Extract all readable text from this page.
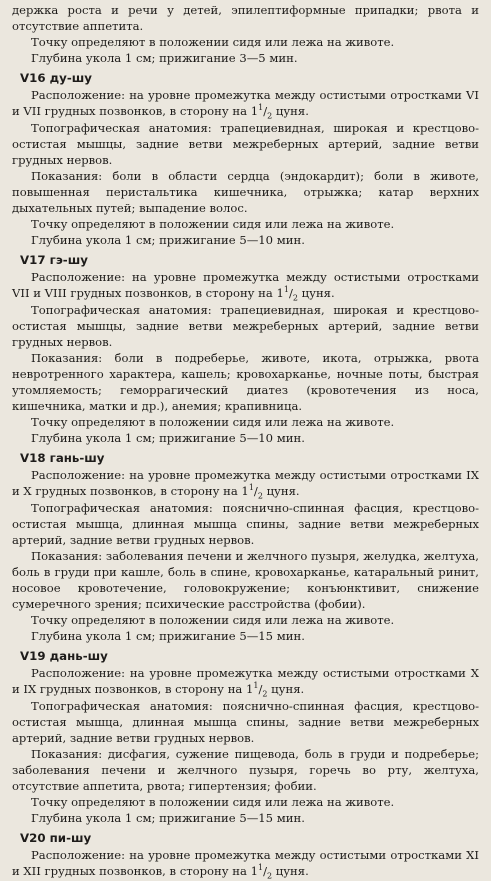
держка роста и речи у детей, эпилептиформные припадки; рвота и отсутствие аппетита.

Точку определяют в положении сидя или лежа на животе.

Глубина укола 1 см; прижигание 3—5 мин.

V16 ду-шу

Расположение: на уровне промежутка между остистыми отростками VI и VII грудных позвонков, в сторону на $1^1/_2$ цуня.

Топографическая анатомия: трапециевидная, широкая и крестцово-остистая мышцы, задние ветви межреберных артерий, задние ветви грудных нервов.

Показания: боли в области сердца (эндокардит); боли в животе, повышенная перистальтика кишечника, отрыжка; катар верхних дыхательных путей; выпадение волос.

Точку определяют в положении сидя или лежа на животе.

Глубина укола 1 см; прижигание 5—10 мин.

V17 гэ-шу

Расположение: на уровне промежутка между остистыми отростками VII и VIII грудных позвонков, в сторону на $1^1/_2$ цуня.

Топографическая анатомия: трапециевидная, широкая и крестцово-остистая мышцы, задние ветви межреберных артерий, задние ветви грудных нервов.

Показания: боли в подреберье, животе, икота, отрыжка, рвота невротренного характера, кашель; кровохарканье, ночные поты, быстрая утомляемость; геморрагический диатез (кровотечения из носа, кишечника, матки и др.), анемия; крапивница.

Точку определяют в положении сидя или лежа на животе.

Глубина укола 1 см; прижигание 5—10 мин.

V18 гань-шу

Расположение: на уровне промежутка между остистыми отростками IX и X грудных позвонков, в сторону на $1^1/_2$ цуня.

Топографическая анатомия: пояснично-спинная фасция, крестцово-остистая мышца, длинная мышца спины, задние ветви межреберных артерий, задние ветви грудных нервов.

Показания: заболевания печени и желчного пузыря, желудка, желтуха, боль в груди при кашле, боль в спине, кровохарканье, катаральный ринит, носовое кровотечение, головокружение; конъюнктивит, снижение сумеречного зрения; психические расстройства (фобии).

Точку определяют в положении сидя или лежа на животе.

Глубина укола 1 см; прижигание 5—15 мин.

V19 дань-шу

Расположение: на уровне промежутка между остистыми отростками X и IX грудных позвонков, в сторону на $1^1/_2$ цуня.

Топографическая анатомия: пояснично-спинная фасция, крестцово-остистая мышца, длинная мышца спины, задние ветви межреберных артерий, задние ветви грудных нервов.

Показания: дисфагия, сужение пищевода, боль в груди и подреберье; заболевания печени и желчного пузыря, горечь во рту, желтуха, отсутствие аппетита, рвота; гипертензия; фобии.

Точку определяют в положении сидя или лежа на животе.

Глубина укола 1 см; прижигание 5—15 мин.

V20 пи-шу

Расположение: на уровне промежутка между остистыми отростками XI и XII грудных позвонков, в сторону на $1^1/_2$ цуня.
